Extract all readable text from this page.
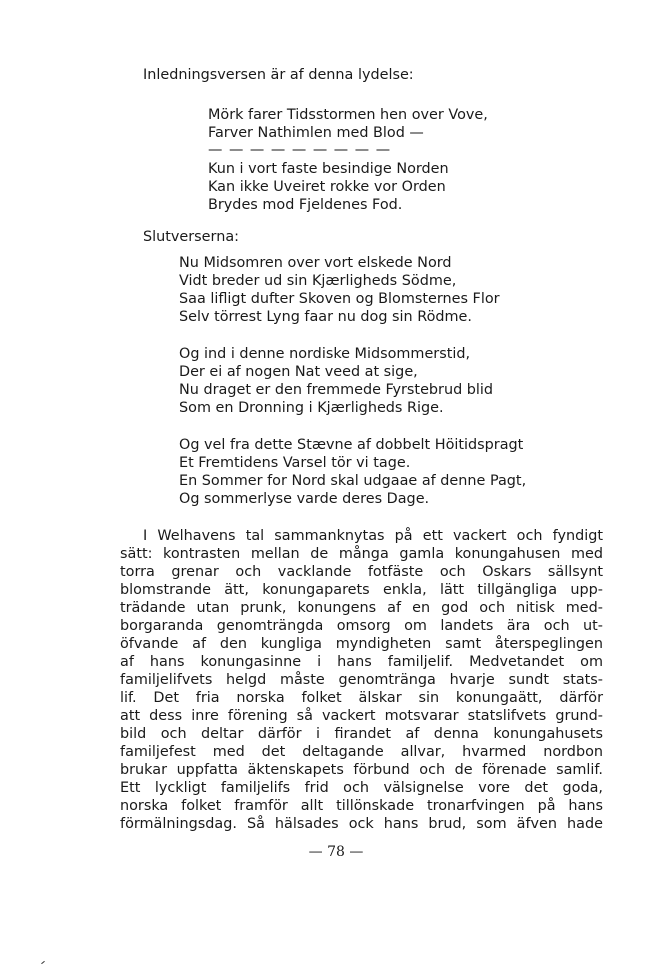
Inledningsversen är af denna lydelse:
Mörk farer Tidsstormen hen over Vove,
Farver Nathimlen med Blod —
— — — — — — — — —
Kun i vort faste besindige Norden
Kan ikke Uveiret rokke vor Orden
Brydes mod Fjeldenes Fod.
Slutverserna:
Nu Midsomren over vort elskede Nord
Vidt breder ud sin Kjærligheds Södme,
Saa lifligt dufter Skoven og Blomsternes Flor
Selv törrest Lyng faar nu dog sin Rödme.
Og ind i denne nordiske Midsommerstid,
Der ei af nogen Nat veed at sige,
Nu draget er den fremmede Fyrstebrud blid
Som en Dronning i Kjærligheds Rige.
Og vel fra dette Stævne af dobbelt Höitidspragt
Et Fremtidens Varsel tör vi tage.
En Sommer for Nord skal udgaae af denne Pagt,
Og sommerlyse varde deres Dage.
I Welhavens tal sammanknytas på ett vackert och fyndigt
sätt: kontrasten mellan de många gamla konungahusen med
torra grenar och vacklande fotfäste och Oskars sällsynt
blomstrande ätt, konungaparets enkla, lätt tillgängliga upp-
trädande utan prunk, konungens af en god och nitisk med-
borgaranda genomträngda omsorg om landets ära och ut-
öfvande af den kungliga myndigheten samt återspeglingen
af hans konungasinne i hans familjelif. Medvetandet om
familjelifvets helgd måste genomtränga hvarje sundt stats-
lif. Det fria norska folket älskar sin konungaätt, därför
att dess inre förening så vackert motsvarar statslifvets grund-
bild och deltar därför i firandet af denna konungahusets
familjefest med det deltagande allvar, hvarmed nordbon
brukar uppfatta äktenskapets förbund och de förenade samlif.
Ett lyckligt familjelifs frid och välsignelse vore det goda,
norska folket framför allt tillönskade tronarfvingen på hans
förmälningsdag. Så hälsades ock hans brud, som äfven hade
— 78 —
